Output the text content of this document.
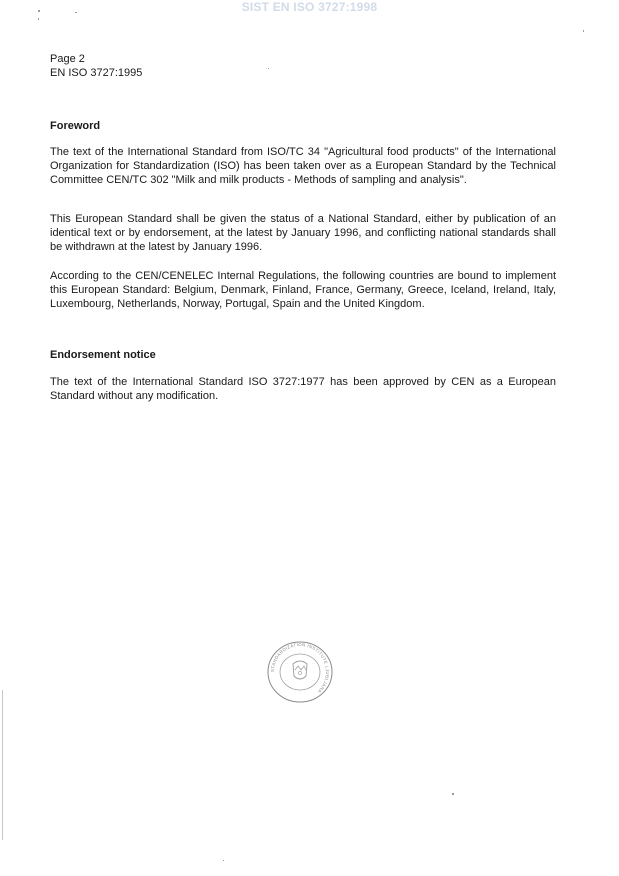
SIST EN ISO 3727:1998
Page 2
EN ISO 3727:1995

Foreword

The text of the International Standard from ISO/TC 34 "Agricultural food products" of the International Organization for Standardization (ISO) has been taken over as a European Standard by the Technical Committee CEN/TC 302 "Milk and milk products - Methods of sampling and analysis".

This European Standard shall be given the status of a National Standard, either by publication of an identical text or by endorsement, at the latest by January 1996, and conflicting national standards shall be withdrawn at the latest by January 1996.

According to the CEN/CENELEC Internal Regulations, the following countries are bound to implement this European Standard: Belgium, Denmark, Finland, France, Germany, Greece, Iceland, Ireland, Italy, Luxembourg, Netherlands, Norway, Portugal, Spain and the United Kingdom.

Endorsement notice

The text of the International Standard ISO 3727:1977 has been approved by CEN as a European Standard without any modification.

STANDARDIZATION INSTITUTE LJUBLJANA
